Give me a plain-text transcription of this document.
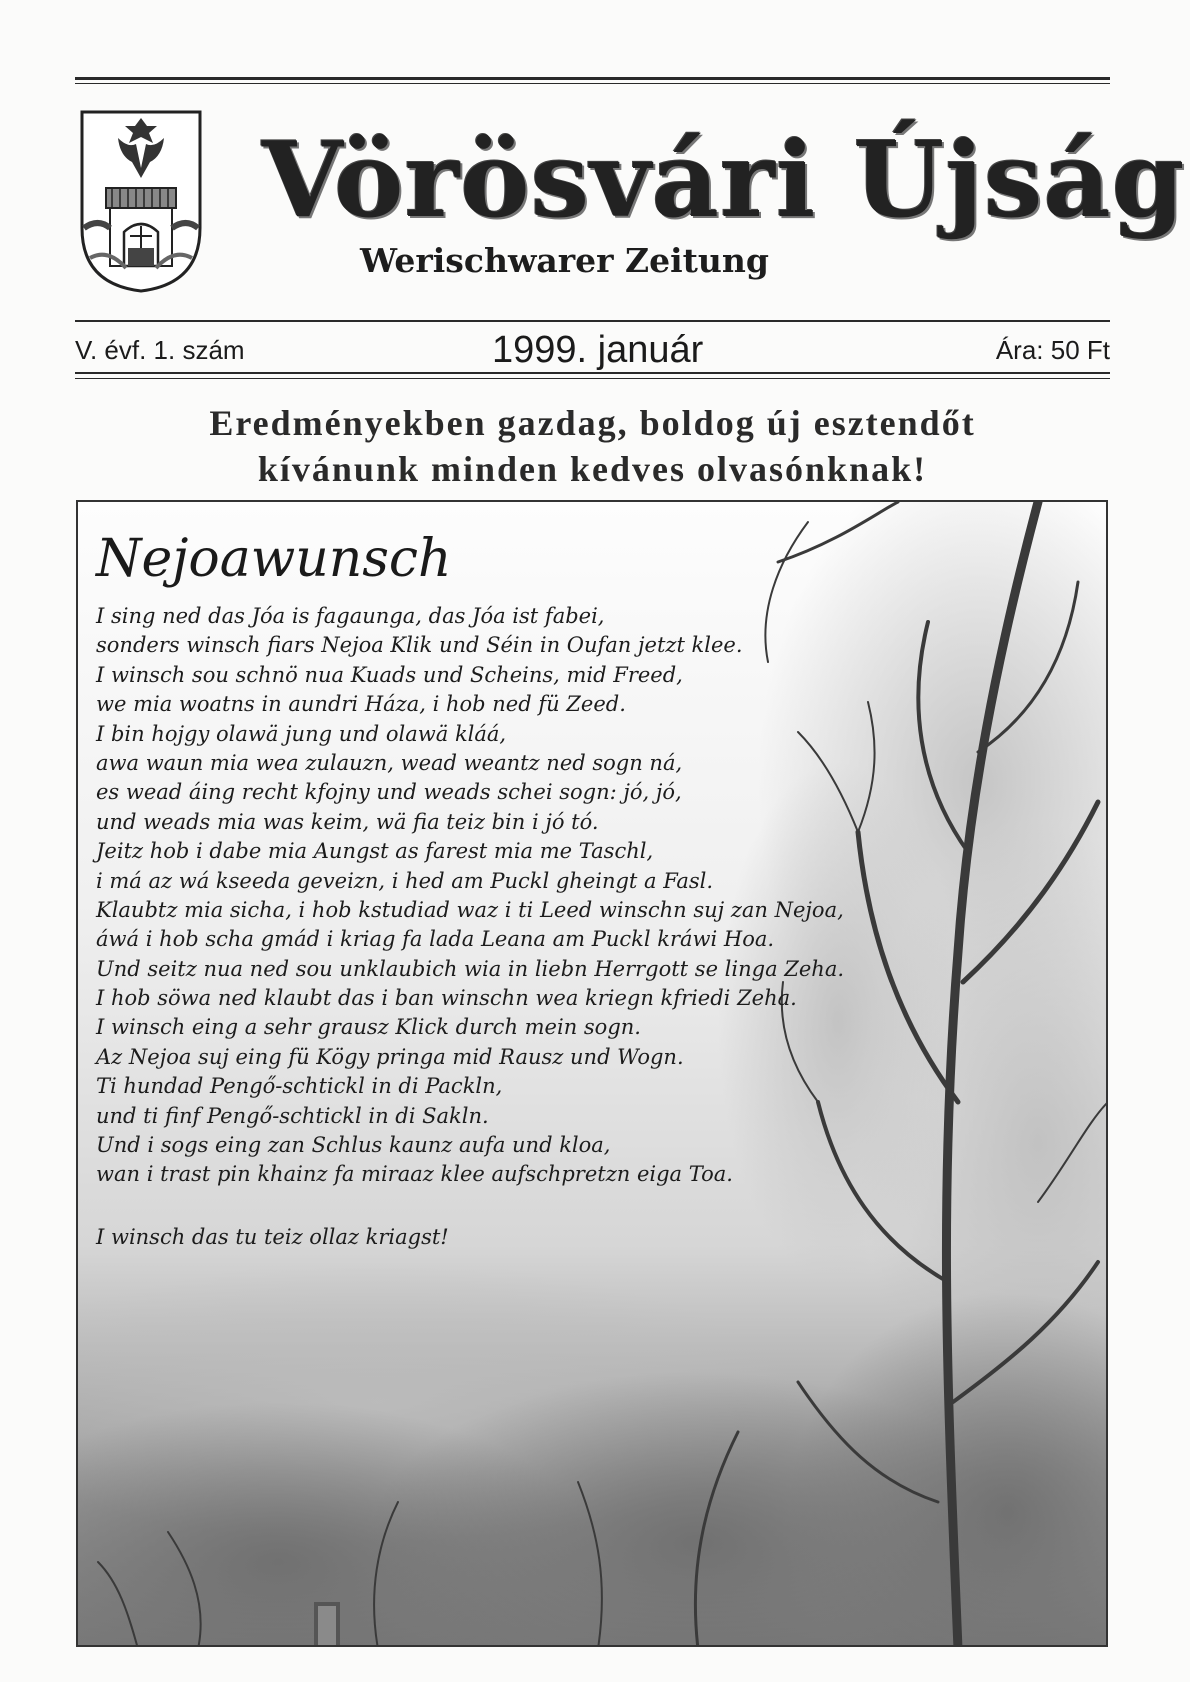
Vörösvári Újság
Werischwarer Zeitung
V. évf. 1. szám	1999. január	Ára: 50 Ft
Eredményekben gazdag, boldog új esztendőt
kívánunk minden kedves olvasónknak!
Nejoawunsch
I sing ned das Jóa is fagaunga, das Jóa ist fabei,
sonders winsch fiars Nejoa Klik und Séin in Oufan jetzt klee.
I winsch sou schnö nua Kuads und Scheins, mid Freed,
we mia woatns in aundri Háza, i hob ned fü Zeed.
I bin hojgy olawä jung und olawä kláá,
awa waun mia wea zulauzn, wead weantz ned sogn ná,
es wead áing recht kfojny und weads schei sogn: jó, jó,
und weads mia was keim, wä fia teiz bin i jó tó.
Jeitz hob i dabe mia Aungst as farest mia me Taschl,
i má az wá kseeda geveizn, i hed am Puckl gheingt a Fasl.
Klaubtz mia sicha, i hob kstudiad waz i ti Leed winschn suj zan Nejoa,
áwá i hob scha gmád i kriag fa lada Leana am Puckl kráwi Hoa.
Und seitz nua ned sou unklaubich wia in liebn Herrgott se linga Zeha.
I hob söwa ned klaubt das i ban winschn wea kriegn kfriedi Zeha.
I winsch eing a sehr grausz Klick durch mein sogn.
Az Nejoa suj eing fü Kögy pringa mid Rausz und Wogn.
Ti hundad Pengő-schtickl in di Packln,
und ti finf Pengő-schtickl in di Sakln.
Und i sogs eing zan Schlus kaunz aufa und kloa,
wan i trast pin khainz fa miraaz klee aufschpretzn eiga Toa.
I winsch das tu teiz ollaz kriagst!
